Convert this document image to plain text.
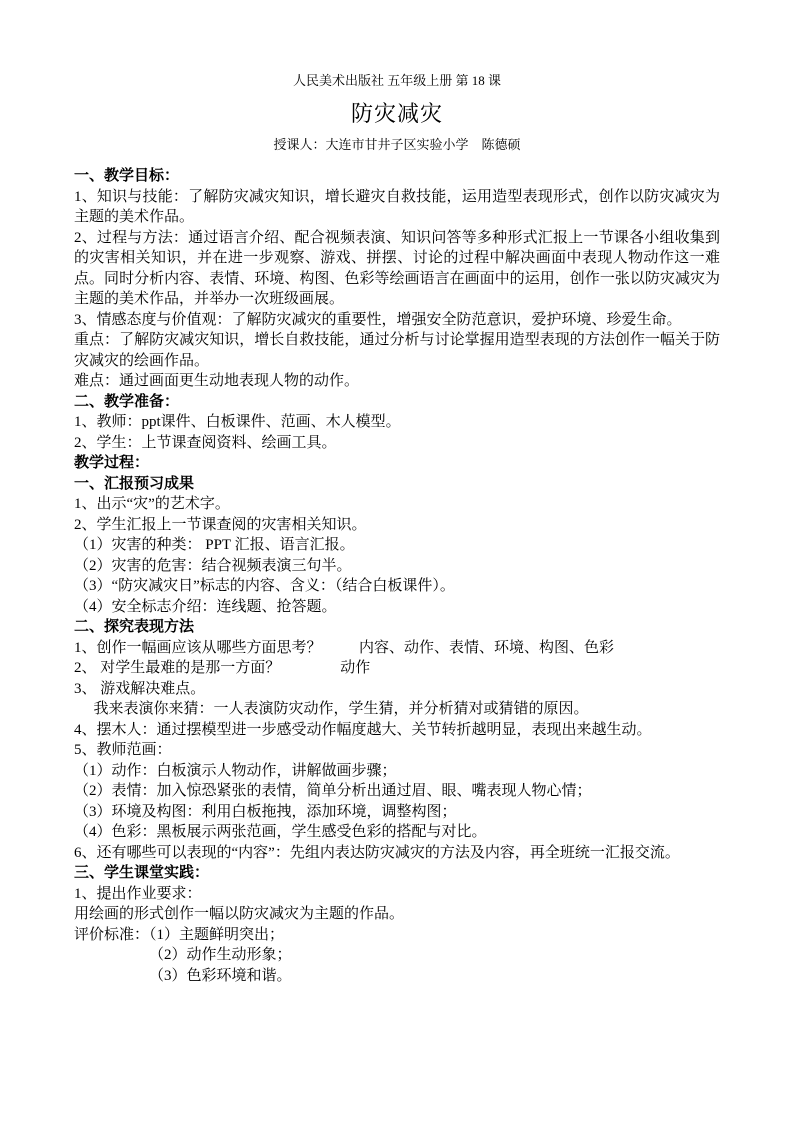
人民美术出版社 五年级上册 第 18 课
防灾减灾
授课人：大连市甘井子区实验小学    陈德硕

一、教学目标：

1、知识与技能：了解防灾减灾知识，增长避灾自救技能，运用造型表现形式，创作以防灾减灾为主题的美术作品。

2、过程与方法：通过语言介绍、配合视频表演、知识问答等多种形式汇报上一节课各小组收集到的灾害相关知识，并在进一步观察、游戏、拼摆、讨论的过程中解决画面中表现人物动作这一难点。同时分析内容、表情、环境、构图、色彩等绘画语言在画面中的运用，创作一张以防灾减灾为主题的美术作品，并举办一次班级画展。

3、情感态度与价值观：了解防灾减灾的重要性，增强安全防范意识，爱护环境、珍爱生命。

重点：了解防灾减灾知识，增长自救技能，通过分析与讨论掌握用造型表现的方法创作一幅关于防灾减灾的绘画作品。

难点：通过画面更生动地表现人物的动作。

二、教学准备：

1、教师：ppt课件、白板课件、范画、木人模型。

2、学生：上节课查阅资料、绘画工具。

教学过程：

一、汇报预习成果

1、出示“灾”的艺术字。

2、学生汇报上一节课查阅的灾害相关知识。

（1）灾害的种类： PPT 汇报、语言汇报。

（2）灾害的危害：结合视频表演三句半。

（3）“防灾减灾日”标志的内容、含义：（结合白板课件）。

（4）安全标志介绍：连线题、抢答题。

二、探究表现方法

1、创作一幅画应该从哪些方面思考？          内容、动作、表情、环境、构图、色彩

2、 对学生最难的是那一方面？                动作

3、 游戏解决难点。

我来表演你来猜：一人表演防灾动作，学生猜，并分析猜对或猜错的原因。

4、摆木人：通过摆模型进一步感受动作幅度越大、关节转折越明显，表现出来越生动。

5、教师范画：

（1）动作：白板演示人物动作，讲解做画步骤；

（2）表情：加入惊恐紧张的表情，简单分析出通过眉、眼、嘴表现人物心情；

（3）环境及构图：利用白板拖拽，添加环境，调整构图；

（4）色彩：黑板展示两张范画，学生感受色彩的搭配与对比。

6、还有哪些可以表现的“内容”：先组内表达防灾减灾的方法及内容，再全班统一汇报交流。

三、学生课堂实践：

1、提出作业要求：

用绘画的形式创作一幅以防灾减灾为主题的作品。

评价标准：（1）主题鲜明突出；

（2）动作生动形象；

（3）色彩环境和谐。
